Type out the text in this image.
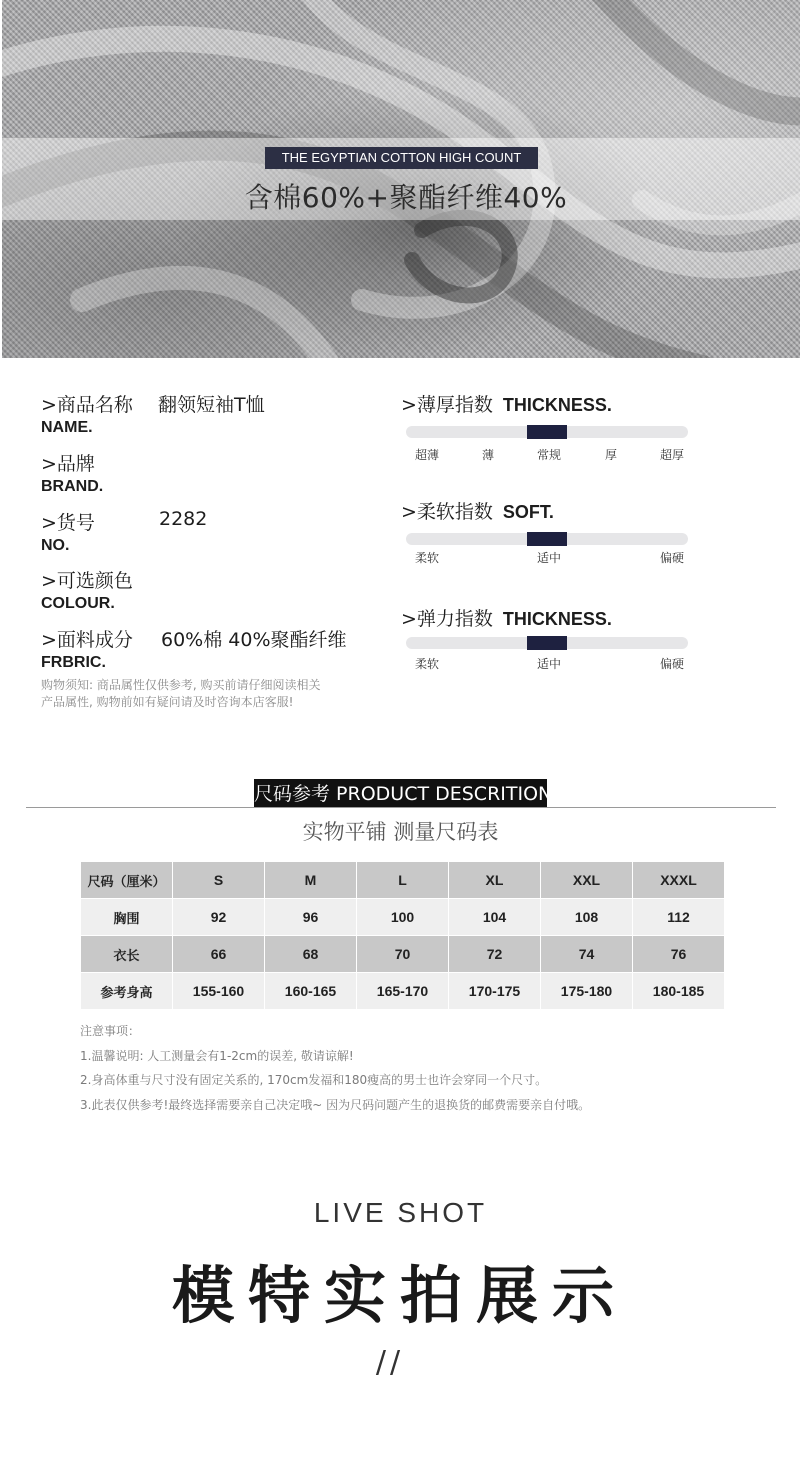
THE EGYPTIAN COTTON HIGH COUNT
含棉60%+聚酯纤维40%
>商品名称
NAME.
翻领短袖T恤
>品牌
BRAND.
>货号
NO.
2282
>可选颜色
COLOUR.
>面料成分
FRBRIC.
60%棉 40%聚酯纤维
购物须知: 商品属性仅供参考, 购买前请仔细阅读相关
产品属性, 购物前如有疑问请及时咨询本店客服!
>薄厚指数 THICKNESS.
超薄	薄	常规	厚	超厚
>柔软指数 SOFT.
柔软	适中	偏硬
>弹力指数 THICKNESS.
柔软	适中	偏硬
尺码参考 PRODUCT DESCRITION
实物平铺 测量尺码表
尺码（厘米）	S	M	L	XL	XXL	XXXL
胸围	92	96	100	104	108	112
衣长	66	68	70	72	74	76
参考身高	155-160	160-165	165-170	170-175	175-180	180-185
注意事项：
1.温馨说明: 人工测量会有1-2cm的误差, 敬请谅解!
2.身高体重与尺寸没有固定关系的, 170cm发福和180瘦高的男士也许会穿同一个尺寸。
3.此表仅供参考!最终选择需要亲自己决定哦~ 因为尺码问题产生的退换货的邮费需要亲自付哦。
LIVE SHOT
模特实拍展示
//
